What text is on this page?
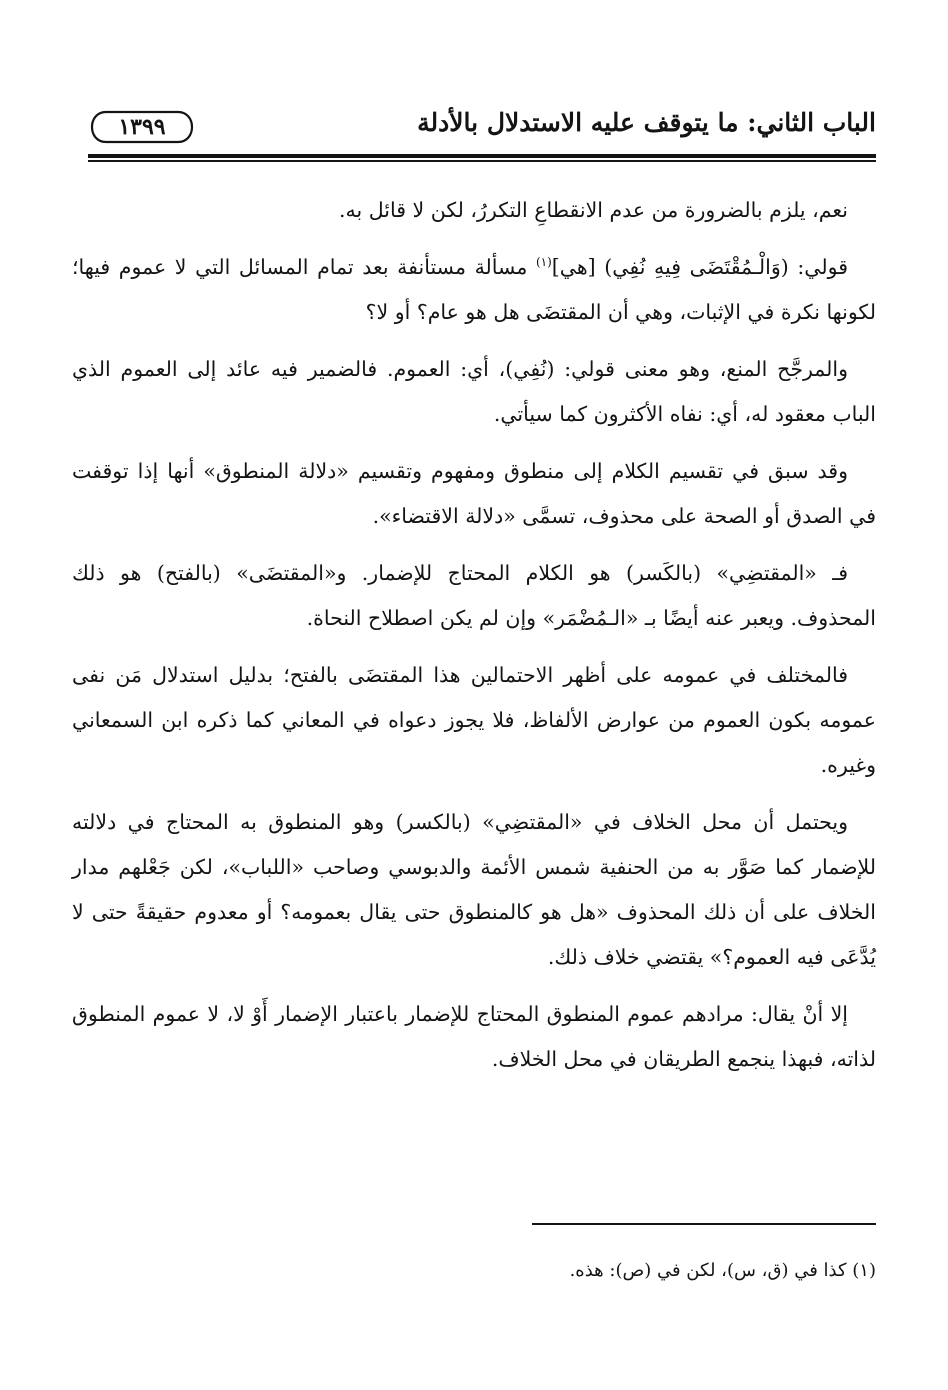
الباب الثاني: ما يتوقف عليه الاستدلال بالأدلة
١٣٩٩

نعم، يلزم بالضرورة من عدم الانقطاعِ التكررُ، لكن لا قائل به.

قولي: (وَالْـمُقْتَضَى فِيهِ نُفِي) [هي]$^{(١)}$ مسألة مستأنفة بعد تمام المسائل التي لا عموم فيها؛ لكونها نكرة في الإثبات، وهي أن المقتضَى هل هو عام؟ أو لا؟

والمرجَّح المنع، وهو معنى قولي: (نُفِي)، أي: العموم. فالضمير فيه عائد إلى العموم الذي الباب معقود له، أي: نفاه الأكثرون كما سيأتي.

وقد سبق في تقسيم الكلام إلى منطوق ومفهوم وتقسيم «دلالة المنطوق» أنها إذا توقفت في الصدق أو الصحة على محذوف، تسمَّى «دلالة الاقتضاء».

فـ «المقتضِي» (بالكَسر) هو الكلام المحتاج للإضمار. و«المقتضَى» (بالفتح) هو ذلك المحذوف. ويعبر عنه أيضًا بـ «الـمُضْمَر» وإن لم يكن اصطلاح النحاة.

فالمختلف في عمومه على أظهر الاحتمالين هذا المقتضَى بالفتح؛ بدليل استدلال مَن نفى عمومه بكون العموم من عوارض الألفاظ، فلا يجوز دعواه في المعاني كما ذكره ابن السمعاني وغيره.

ويحتمل أن محل الخلاف في «المقتضِي» (بالكسر) وهو المنطوق به المحتاج في دلالته للإضمار كما صَوَّر به من الحنفية شمس الأئمة والدبوسي وصاحب «اللباب»، لكن جَعْلهم مدار الخلاف على أن ذلك المحذوف «هل هو كالمنطوق حتى يقال بعمومه؟ أو معدوم حقيقةً حتى لا يُدَّعَى فيه العموم؟» يقتضي خلاف ذلك.

إلا أنْ يقال: مرادهم عموم المنطوق المحتاج للإضمار باعتبار الإضمار أَوْ لا، لا عموم المنطوق لذاته، فبهذا ينجمع الطريقان في محل الخلاف.

(١) كذا في (ق، س)، لكن في (ص): هذه.
